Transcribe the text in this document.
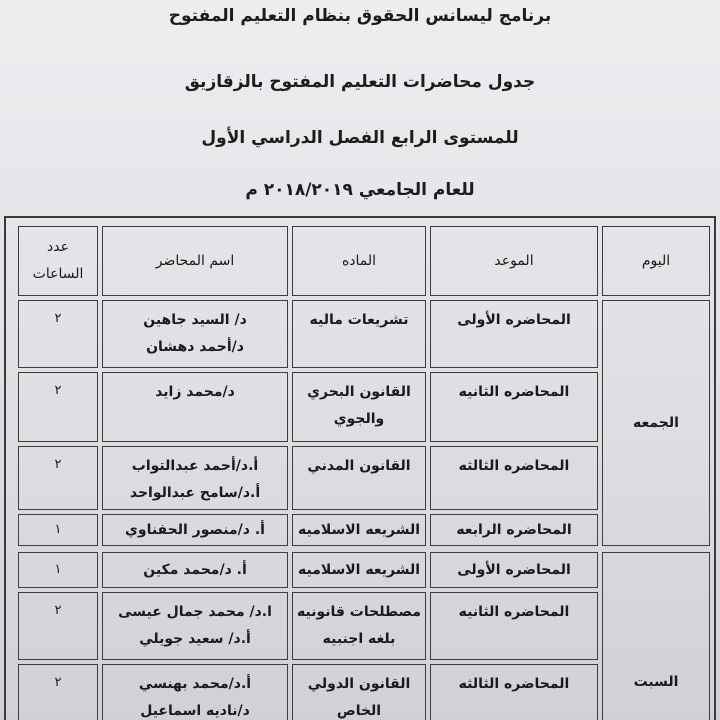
برنامج ليسانس الحقوق بنظام التعليم المفتوح
جدول محاضرات التعليم المفتوح بالزقازيق
للمستوى الرابع الفصل الدراسي الأول
للعام الجامعي ٢٠١٨/٢٠١٩ م
اليوم
الموعد
الماده
اسم المحاضر
عدد
الساعات
الجمعه
السبت
المحاضره الأولى
تشريعات ماليه
د/ السيد جاهين
د/أحمد دهشان
٢
المحاضره الثانيه
القانون البحري
والجوي
د/محمد زايد
٢
المحاضره الثالثه
القانون المدني
أ.د/أحمد عبدالتواب
أ.د/سامح عبدالواحد
٢
المحاضره الرابعه
الشريعه الاسلاميه
أ. د/منصور الحفناوي
١
المحاضره الأولى
الشريعه الاسلاميه
أ. د/محمد مكين
١
المحاضره الثانيه
مصطلحات قانونيه
بلغه اجنبيه
ا.د/ محمد جمال عيسى
أ.د/ سعيد جويلي
٢
المحاضره الثالثه
القانون الدولي
الخاص
أ.د/محمد بهنسي
د/ناديه اسماعيل
٢
